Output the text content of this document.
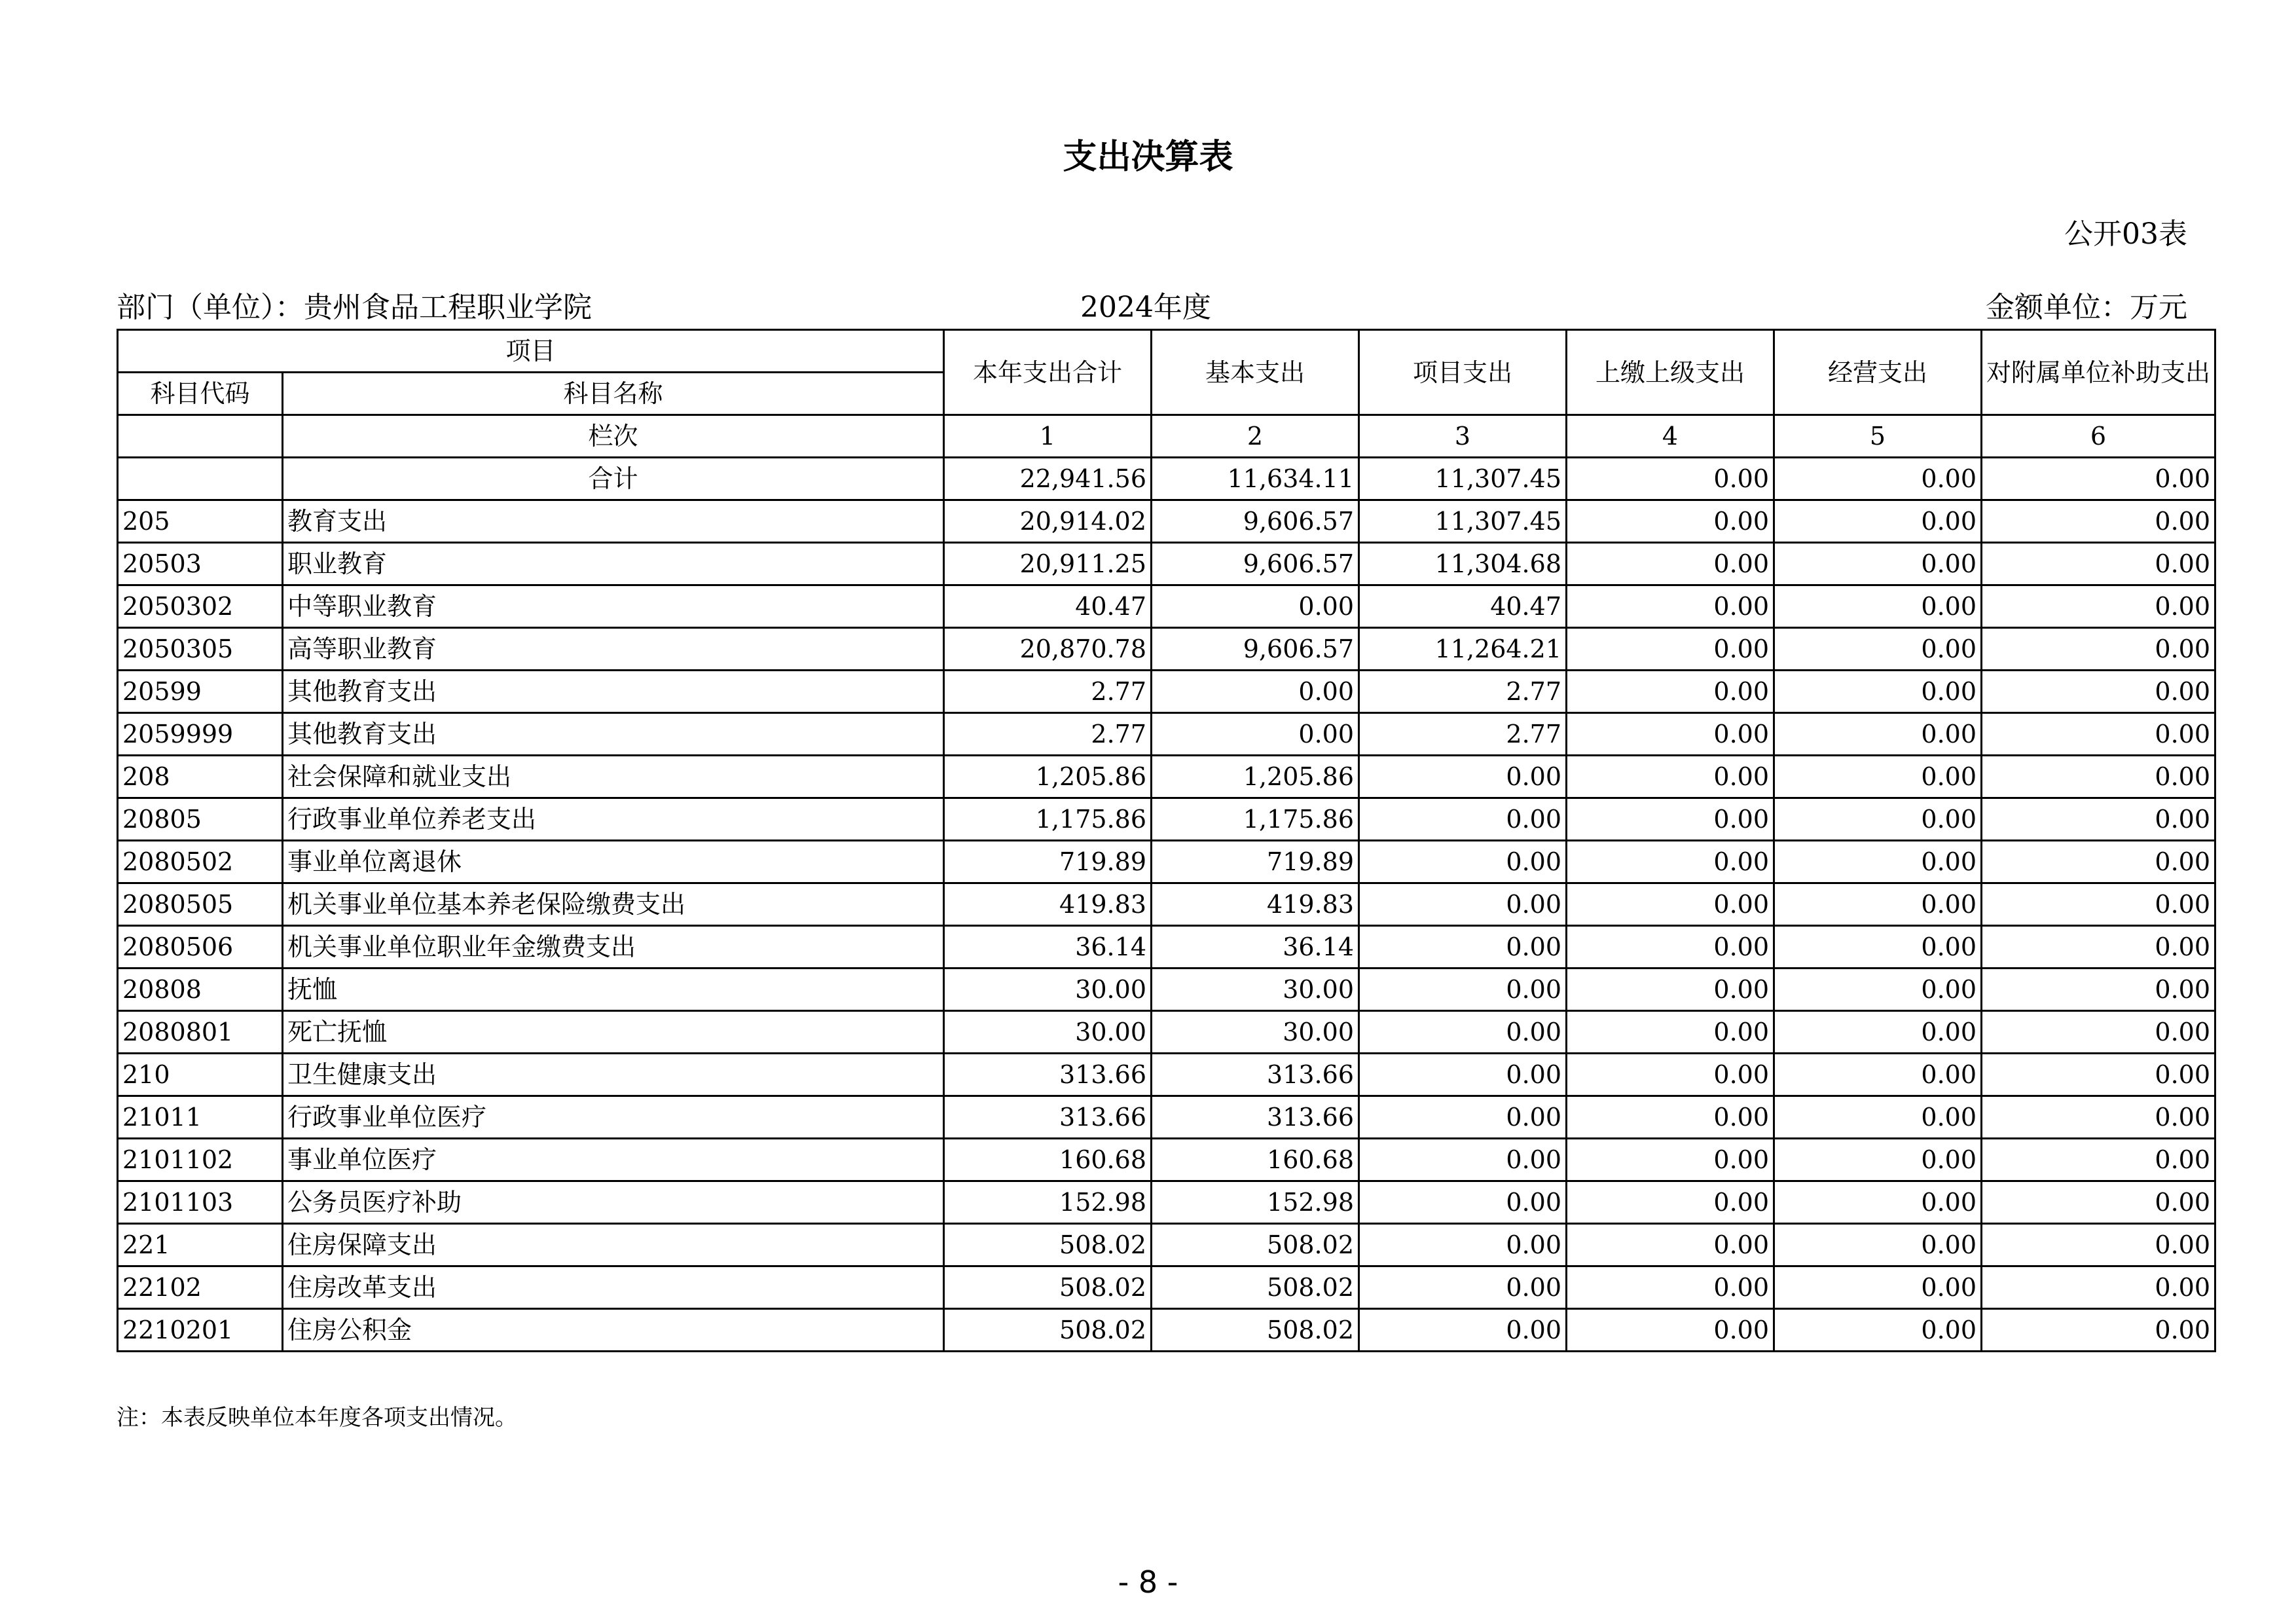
支出决算表
公开03表
部门（单位）：贵州食品工程职业学院	2024年度	金额单位：万元
项目		本年支出合计	基本支出	项目支出	上缴上级支出	经营支出	对附属单位补助支出
科目代码	科目名称						
	栏次	1	2	3	4	5	6
	合计	22,941.56	11,634.11	11,307.45	0.00	0.00	0.00
205	教育支出	20,914.02	9,606.57	11,307.45	0.00	0.00	0.00
20503	职业教育	20,911.25	9,606.57	11,304.68	0.00	0.00	0.00
2050302	中等职业教育	40.47	0.00	40.47	0.00	0.00	0.00
2050305	高等职业教育	20,870.78	9,606.57	11,264.21	0.00	0.00	0.00
20599	其他教育支出	2.77	0.00	2.77	0.00	0.00	0.00
2059999	其他教育支出	2.77	0.00	2.77	0.00	0.00	0.00
208	社会保障和就业支出	1,205.86	1,205.86	0.00	0.00	0.00	0.00
20805	行政事业单位养老支出	1,175.86	1,175.86	0.00	0.00	0.00	0.00
2080502	事业单位离退休	719.89	719.89	0.00	0.00	0.00	0.00
2080505	机关事业单位基本养老保险缴费支出	419.83	419.83	0.00	0.00	0.00	0.00
2080506	机关事业单位职业年金缴费支出	36.14	36.14	0.00	0.00	0.00	0.00
20808	抚恤	30.00	30.00	0.00	0.00	0.00	0.00
2080801	死亡抚恤	30.00	30.00	0.00	0.00	0.00	0.00
210	卫生健康支出	313.66	313.66	0.00	0.00	0.00	0.00
21011	行政事业单位医疗	313.66	313.66	0.00	0.00	0.00	0.00
2101102	事业单位医疗	160.68	160.68	0.00	0.00	0.00	0.00
2101103	公务员医疗补助	152.98	152.98	0.00	0.00	0.00	0.00
221	住房保障支出	508.02	508.02	0.00	0.00	0.00	0.00
22102	住房改革支出	508.02	508.02	0.00	0.00	0.00	0.00
2210201	住房公积金	508.02	508.02	0.00	0.00	0.00	0.00
注：本表反映单位本年度各项支出情况。
- 8 -
